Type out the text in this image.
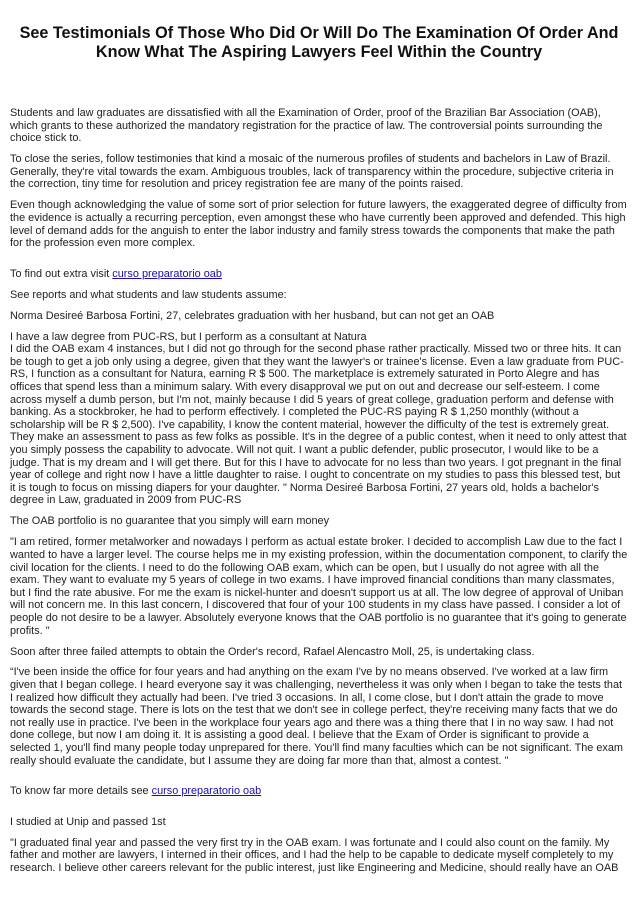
See Testimonials Of Those Who Did Or Will Do The Examination Of Order And Know What The Aspiring Lawyers Feel Within the Country

Students and law graduates are dissatisfied with all the Examination of Order, proof of the Brazilian Bar Association (OAB), which grants to these authorized the mandatory registration for the practice of law. The controversial points surrounding the choice stick to.

To close the series, follow testimonies that kind a mosaic of the numerous profiles of students and bachelors in Law of Brazil. Generally, they're vital towards the exam. Ambiguous troubles, lack of transparency within the procedure, subjective criteria in the correction, tiny time for resolution and pricey registration fee are many of the points raised.

Even though acknowledging the value of some sort of prior selection for future lawyers, the exaggerated degree of difficulty from the evidence is actually a recurring perception, even amongst these who have currently been approved and defended. This high level of demand adds for the anguish to enter the labor industry and family stress towards the components that make the path for the profession even more complex.

To find out extra visit curso preparatorio oab

See reports and what students and law students assume:

Norma Desireé Barbosa Fortini, 27, celebrates graduation with her husband, but can not get an OAB

I have a law degree from PUC-RS, but I perform as a consultant at Natura
I did the OAB exam 4 instances, but I did not go through for the second phase rather practically. Missed two or three hits. It can be tough to get a job only using a degree, given that they want the lawyer's or trainee's license. Even a law graduate from PUC-RS, I function as a consultant for Natura, earning R $ 500. The marketplace is extremely saturated in Porto Alegre and has offices that spend less than a minimum salary. With every disapproval we put on out and decrease our self-esteem. I come across myself a dumb person, but I'm not, mainly because I did 5 years of great college, graduation perform and defense with banking. As a stockbroker, he had to perform effectively. I completed the PUC-RS paying R $ 1,250 monthly (without a scholarship will be R $ 2,500). I've capability, I know the content material, however the difficulty of the test is extremely great. They make an assessment to pass as few folks as possible. It's in the degree of a public contest, when it need to only attest that you simply possess the capability to advocate. Will not quit. I want a public defender, public prosecutor, I would like to be a judge. That is my dream and I will get there. But for this I have to advocate for no less than two years. I got pregnant in the final year of college and right now I have a little daughter to raise. I ought to concentrate on my studies to pass this blessed test, but it is tough to focus on missing diapers for your daughter. " Norma Desireé Barbosa Fortini, 27 years old, holds a bachelor's degree in Law, graduated in 2009 from PUC-RS

The OAB portfolio is no guarantee that you simply will earn money

"I am retired, former metalworker and nowadays I perform as actual estate broker. I decided to accomplish Law due to the fact I wanted to have a larger level. The course helps me in my existing profession, within the documentation component, to clarify the civil location for the clients. I need to do the following OAB exam, which can be open, but I usually do not agree with all the exam. They want to evaluate my 5 years of college in two exams. I have improved financial conditions than many classmates, but I find the rate abusive. For me the exam is nickel-hunter and doesn't support us at all. The low degree of approval of Uniban will not concern me. In this last concern, I discovered that four of your 100 students in my class have passed. I consider a lot of people do not desire to be a lawyer. Absolutely everyone knows that the OAB portfolio is no guarantee that it's going to generate profits. "

Soon after three failed attempts to obtain the Order's record, Rafael Alencastro Moll, 25, is undertaking class.

“I've been inside the office for four years and had anything on the exam I've by no means observed. I've worked at a law firm given that I began college. I heard everyone say it was challenging, nevertheless it was only when I began to take the tests that I realized how difficult they actually had been. I've tried 3 occasions. In all, I come close, but I don't attain the grade to move towards the second stage. There is lots on the test that we don't see in college perfect, they're receiving many facts that we do not really use in practice. I've been in the workplace four years ago and there was a thing there that I in no way saw. I had not done college, but now I am doing it. It is assisting a good deal. I believe that the Exam of Order is significant to provide a selected 1, you'll find many people today unprepared for there. You'll find many faculties which can be not significant. The exam really should evaluate the candidate, but I assume they are doing far more than that, almost a contest. "

To know far more details see curso preparatorio oab

I studied at Unip and passed 1st

"I graduated final year and passed the very first try in the OAB exam. I was fortunate and I could also count on the family. My father and mother are lawyers, I interned in their offices, and I had the help to be capable to dedicate myself completely to my research. I believe other careers relevant for the public interest, just like Engineering and Medicine, should really have an OAB
